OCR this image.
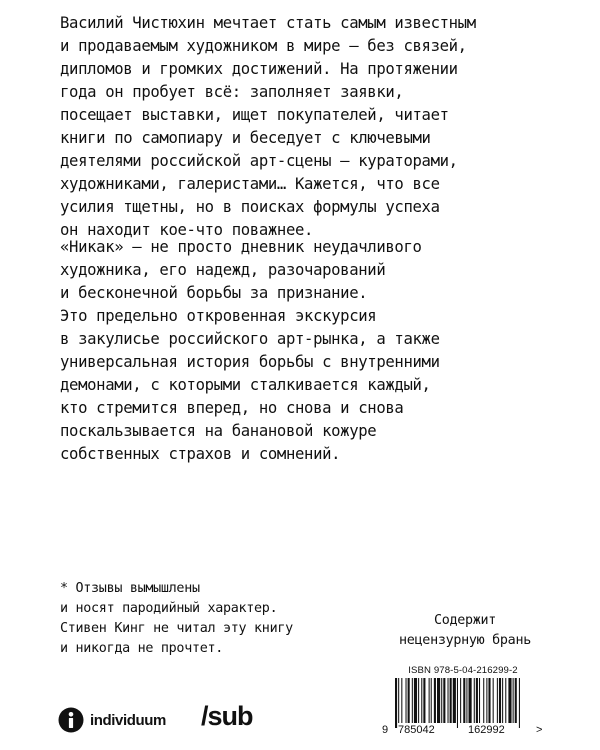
Василий Чистюхин мечтает стать самым известным
и продаваемым художником в мире — без связей,
дипломов и громких достижений. На протяжении
года он пробует всё: заполняет заявки,
посещает выставки, ищет покупателей, читает
книги по самопиару и беседует с ключевыми
деятелями российской арт-сцены — кураторами,
художниками, галеристами… Кажется, что все
усилия тщетны, но в поисках формулы успеха
он находит кое-что поважнее.
«Никак» — не просто дневник неудачливого
художника, его надежд, разочарований
и бесконечной борьбы за признание.
Это предельно откровенная экскурсия
в закулисье российского арт-рынка, а также
универсальная история борьбы с внутренними
демонами, с которыми сталкивается каждый,
кто стремится вперед, но снова и снова
поскальзывается на банановой кожуре
собственных страхов и сомнений.
* Отзывы вымышлены
и носят пародийный характер.
Стивен Кинг не читал эту книгу
и никогда не прочтет.
Содержит
нецензурную брань
ISBN 978-5-04-216299-2
9 785042	162992	>
individuum /sub
